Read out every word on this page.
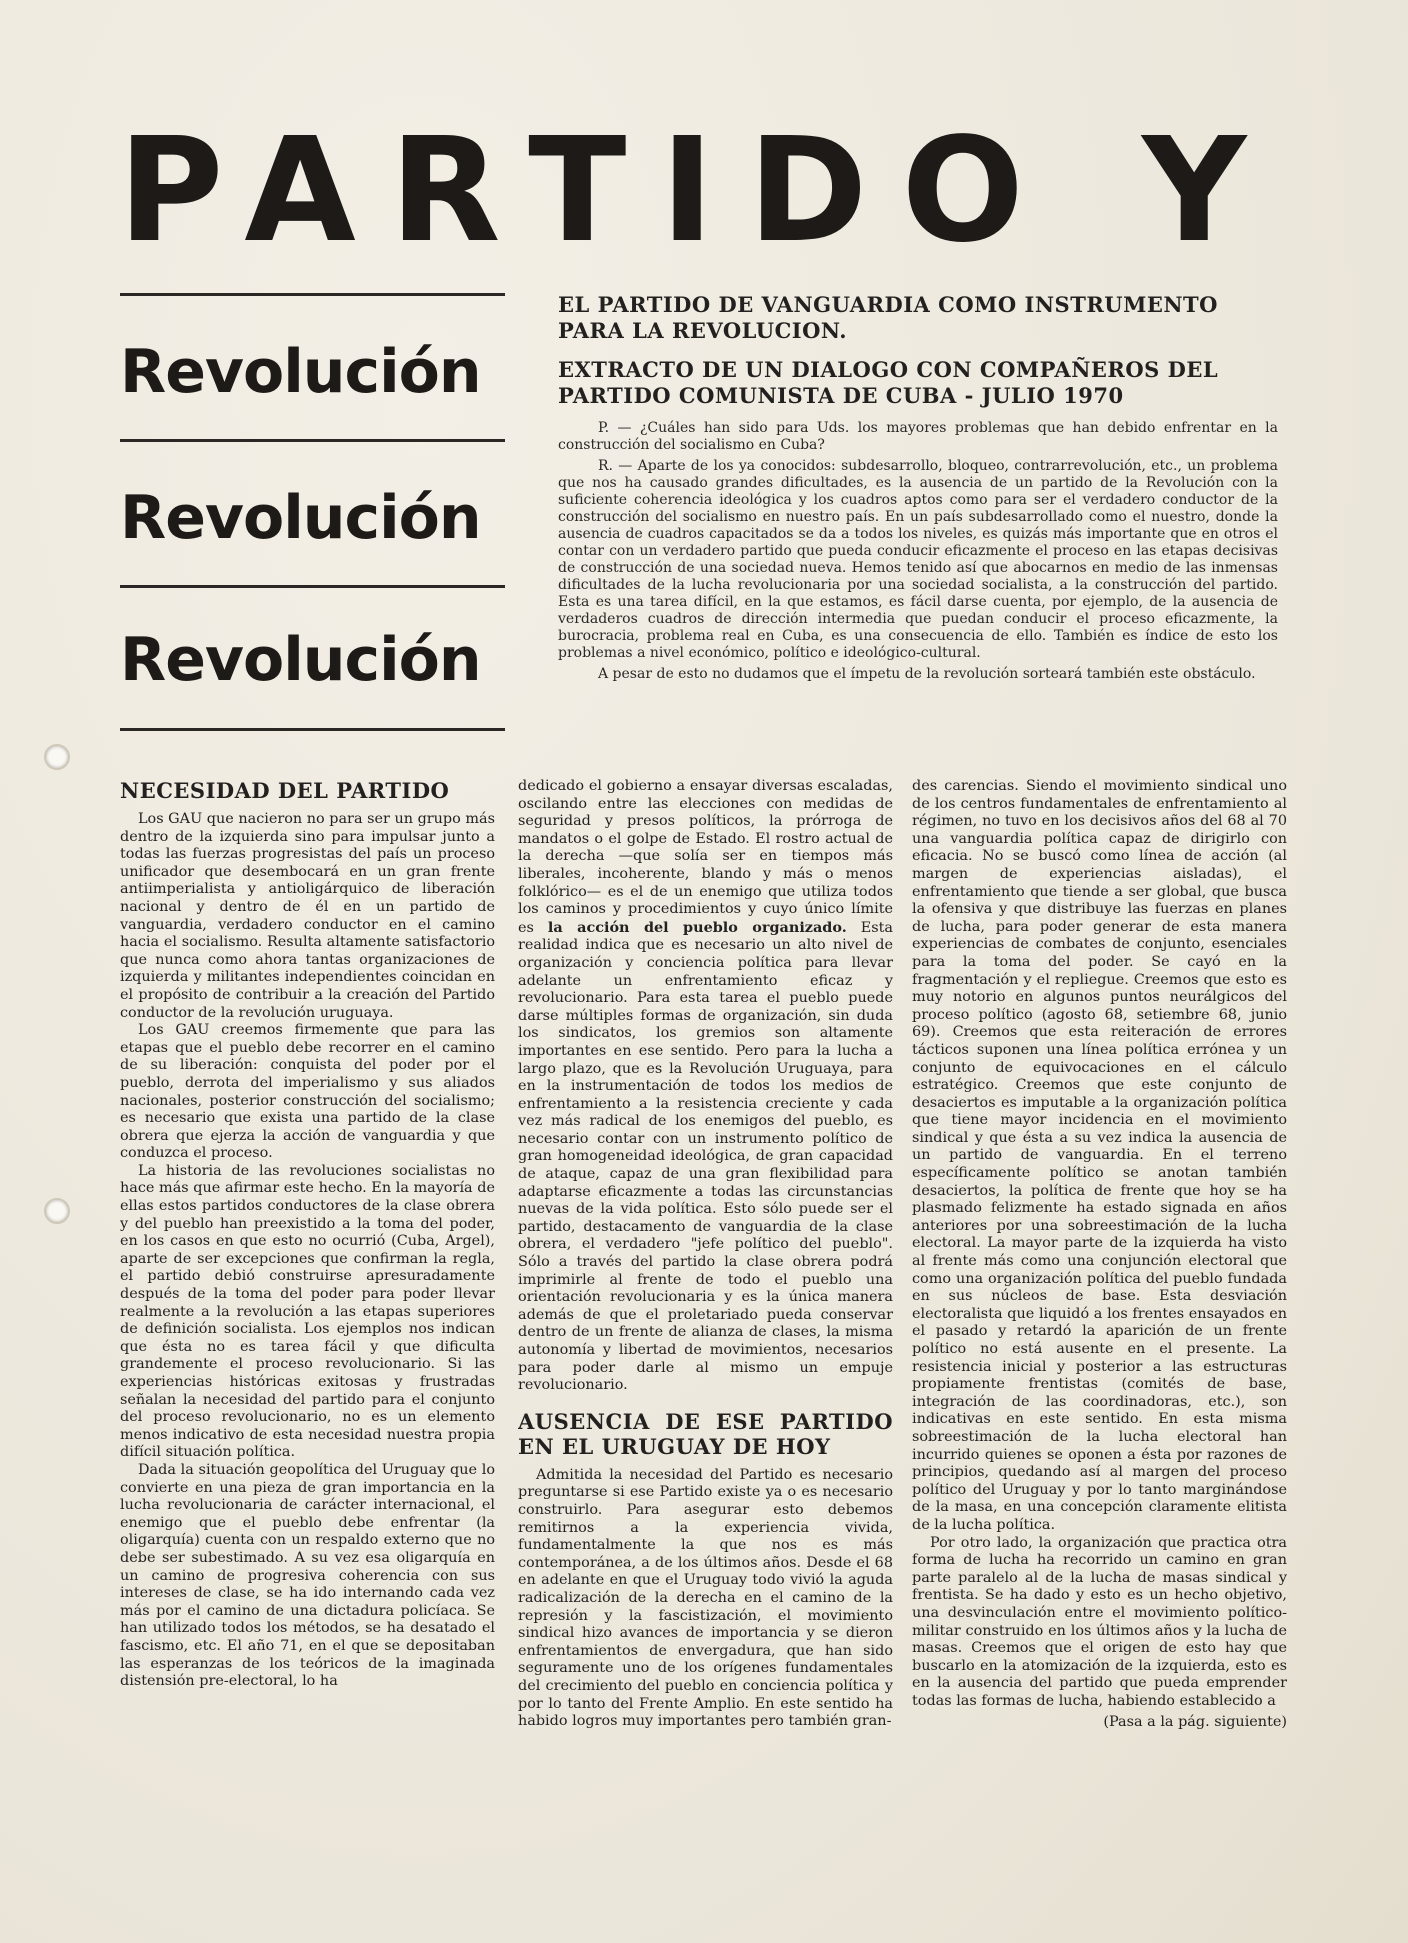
PARTIDO Y
Revolución
Revolución
Revolución
EL PARTIDO DE VANGUARDIA COMO INSTRUMENTO PARA LA REVOLUCION.
EXTRACTO DE UN DIALOGO CON COMPAÑEROS DEL PARTIDO COMUNISTA DE CUBA - JULIO 1970

P. — ¿Cuáles han sido para Uds. los mayores problemas que han debido enfrentar en la construcción del socialismo en Cuba?

R. — Aparte de los ya conocidos: subdesarrollo, bloqueo, contrarrevolución, etc., un problema que nos ha causado grandes dificultades, es la ausencia de un partido de la Revolución con la suficiente coherencia ideológica y los cuadros aptos como para ser el verdadero conductor de la construcción del socialismo en nuestro país. En un país subdesarrollado como el nuestro, donde la ausencia de cuadros capacitados se da a todos los niveles, es quizás más importante que en otros el contar con un verdadero partido que pueda conducir eficazmente el proceso en las etapas decisivas de construcción de una sociedad nueva. Hemos tenido así que abocarnos en medio de las inmensas dificultades de la lucha revolucionaria por una sociedad socialista, a la construcción del partido. Esta es una tarea difícil, en la que estamos, es fácil darse cuenta, por ejemplo, de la ausencia de verdaderos cuadros de dirección intermedia que puedan conducir el proceso eficazmente, la burocracia, problema real en Cuba, es una consecuencia de ello. También es índice de esto los problemas a nivel económico, político e ideológico-cultural.

A pesar de esto no dudamos que el ímpetu de la revolución sorteará también este obstáculo.

NECESIDAD DEL PARTIDO

Los GAU que nacieron no para ser un grupo más dentro de la izquierda sino para impulsar junto a todas las fuerzas progresistas del país un proceso unificador que desembocará en un gran frente antiimperialista y antioligárquico de liberación nacional y dentro de él en un partido de vanguardia, verdadero conductor en el camino hacia el socialismo. Resulta altamente satisfactorio que nunca como ahora tantas organizaciones de izquierda y militantes independientes coincidan en el propósito de contribuir a la creación del Partido conductor de la revolución uruguaya.

Los GAU creemos firmemente que para las etapas que el pueblo debe recorrer en el camino de su liberación: conquista del poder por el pueblo, derrota del imperialismo y sus aliados nacionales, posterior construcción del socialismo; es necesario que exista una partido de la clase obrera que ejerza la acción de vanguardia y que conduzca el proceso.

La historia de las revoluciones socialistas no hace más que afirmar este hecho. En la mayoría de ellas estos partidos conductores de la clase obrera y del pueblo han preexistido a la toma del poder, en los casos en que esto no ocurrió (Cuba, Argel), aparte de ser excepciones que confirman la regla, el partido debió construirse apresuradamente después de la toma del poder para poder llevar realmente a la revolución a las etapas superiores de definición socialista. Los ejemplos nos indican que ésta no es tarea fácil y que dificulta grandemente el proceso revolucionario. Si las experiencias históricas exitosas y frustradas señalan la necesidad del partido para el conjunto del proceso revolucionario, no es un elemento menos indicativo de esta necesidad nuestra propia difícil situación política.

Dada la situación geopolítica del Uruguay que lo convierte en una pieza de gran importancia en la lucha revolucionaria de carácter internacional, el enemigo que el pueblo debe enfrentar (la oligarquía) cuenta con un respaldo externo que no debe ser subestimado. A su vez esa oligarquía en un camino de progresiva coherencia con sus intereses de clase, se ha ido internando cada vez más por el camino de una dictadura policíaca. Se han utilizado todos los métodos, se ha desatado el fascismo, etc. El año 71, en el que se depositaban las esperanzas de los teóricos de la imaginada distensión pre-electoral, lo ha

dedicado el gobierno a ensayar diversas escaladas, oscilando entre las elecciones con medidas de seguridad y presos políticos, la prórroga de mandatos o el golpe de Estado. El rostro actual de la derecha —que solía ser en tiempos más liberales, incoherente, blando y más o menos folklórico— es el de un enemigo que utiliza todos los caminos y procedimientos y cuyo único límite es la acción del pueblo organizado. Esta realidad indica que es necesario un alto nivel de organización y conciencia política para llevar adelante un enfrentamiento eficaz y revolucionario. Para esta tarea el pueblo puede darse múltiples formas de organización, sin duda los sindicatos, los gremios son altamente importantes en ese sentido. Pero para la lucha a largo plazo, que es la Revolución Uruguaya, para en la instrumentación de todos los medios de enfrentamiento a la resistencia creciente y cada vez más radical de los enemigos del pueblo, es necesario contar con un instrumento político de gran homogeneidad ideológica, de gran capacidad de ataque, capaz de una gran flexibilidad para adaptarse eficazmente a todas las circunstancias nuevas de la vida política. Esto sólo puede ser el partido, destacamento de vanguardia de la clase obrera, el verdadero "jefe político del pueblo". Sólo a través del partido la clase obrera podrá imprimirle al frente de todo el pueblo una orientación revolucionaria y es la única manera además de que el proletariado pueda conservar dentro de un frente de alianza de clases, la misma autonomía y libertad de movimientos, necesarios para poder darle al mismo un empuje revolucionario.

AUSENCIA DE ESE PARTIDO EN EL URUGUAY DE HOY

Admitida la necesidad del Partido es necesario preguntarse si ese Partido existe ya o es necesario construirlo. Para asegurar esto debemos remitirnos a la experiencia vivida, fundamentalmente la que nos es más contemporánea, a de los últimos años. Desde el 68 en adelante en que el Uruguay todo vivió la aguda radicalización de la derecha en el camino de la represión y la fascistización, el movimiento sindical hizo avances de importancia y se dieron enfrentamientos de envergadura, que han sido seguramente uno de los orígenes fundamentales del crecimiento del pueblo en conciencia política y por lo tanto del Frente Amplio. En este sentido ha habido logros muy importantes pero también gran-

des carencias. Siendo el movimiento sindical uno de los centros fundamentales de enfrentamiento al régimen, no tuvo en los decisivos años del 68 al 70 una vanguardia política capaz de dirigirlo con eficacia. No se buscó como línea de acción (al margen de experiencias aisladas), el enfrentamiento que tiende a ser global, que busca la ofensiva y que distribuye las fuerzas en planes de lucha, para poder generar de esta manera experiencias de combates de conjunto, esenciales para la toma del poder. Se cayó en la fragmentación y el repliegue. Creemos que esto es muy notorio en algunos puntos neurálgicos del proceso político (agosto 68, setiembre 68, junio 69). Creemos que esta reiteración de errores tácticos suponen una línea política errónea y un conjunto de equivocaciones en el cálculo estratégico. Creemos que este conjunto de desaciertos es imputable a la organización política que tiene mayor incidencia en el movimiento sindical y que ésta a su vez indica la ausencia de un partido de vanguardia. En el terreno específicamente político se anotan también desaciertos, la política de frente que hoy se ha plasmado felizmente ha estado signada en años anteriores por una sobreestimación de la lucha electoral. La mayor parte de la izquierda ha visto al frente más como una conjunción electoral que como una organización política del pueblo fundada en sus núcleos de base. Esta desviación electoralista que liquidó a los frentes ensayados en el pasado y retardó la aparición de un frente político no está ausente en el presente. La resistencia inicial y posterior a las estructuras propiamente frentistas (comités de base, integración de las coordinadoras, etc.), son indicativas en este sentido. En esta misma sobreestimación de la lucha electoral han incurrido quienes se oponen a ésta por razones de principios, quedando así al margen del proceso político del Uruguay y por lo tanto marginándose de la masa, en una concepción claramente elitista de la lucha política.

Por otro lado, la organización que practica otra forma de lucha ha recorrido un camino en gran parte paralelo al de la lucha de masas sindical y frentista. Se ha dado y esto es un hecho objetivo, una desvinculación entre el movimiento político-militar construido en los últimos años y la lucha de masas. Creemos que el origen de esto hay que buscarlo en la atomización de la izquierda, esto es en la ausencia del partido que pueda emprender todas las formas de lucha, habiendo establecido a

(Pasa a la pág. siguiente)
